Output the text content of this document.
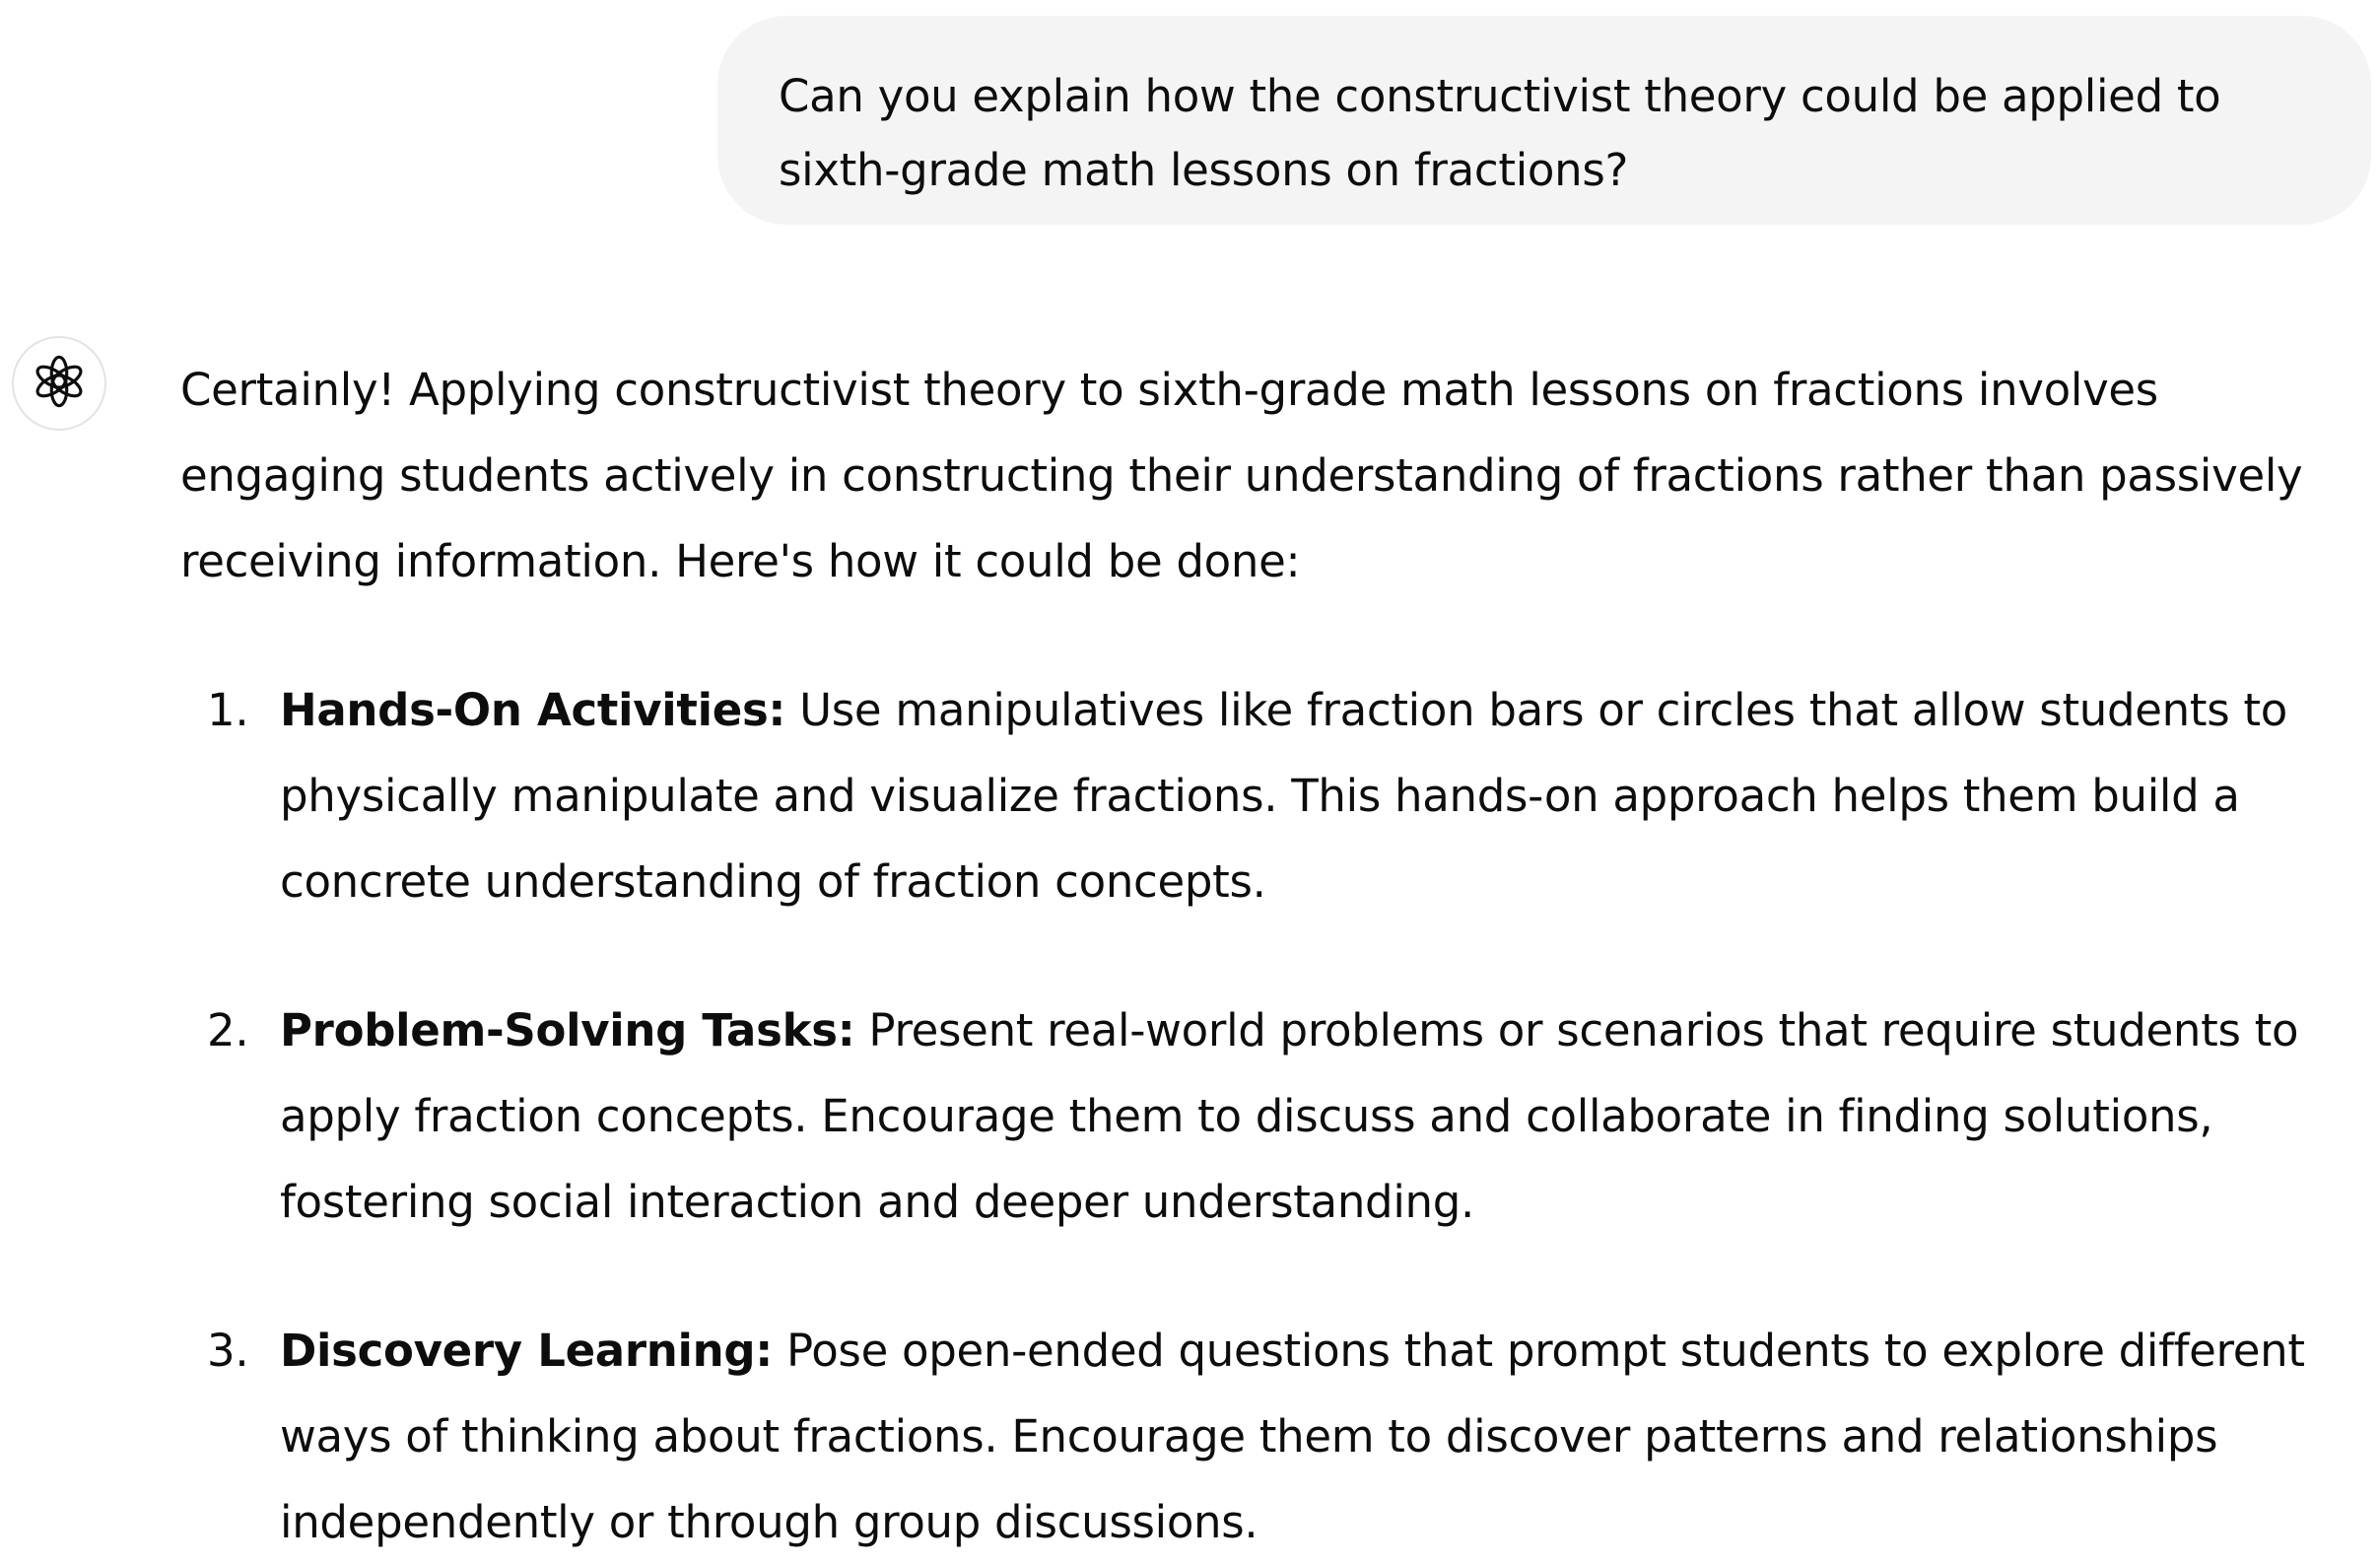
Can you explain how the constructivist theory could be applied to sixth-grade math lessons on fractions?
Certainly! Applying constructivist theory to sixth-grade math lessons on fractions involves engaging students actively in constructing their understanding of fractions rather than passively receiving information. Here's how it could be done:
1. Hands-On Activities: Use manipulatives like fraction bars or circles that allow students to physically manipulate and visualize fractions. This hands-on approach helps them build a concrete understanding of fraction concepts.
2. Problem-Solving Tasks: Present real-world problems or scenarios that require students to apply fraction concepts. Encourage them to discuss and collaborate in finding solutions, fostering social interaction and deeper understanding.
3. Discovery Learning: Pose open-ended questions that prompt students to explore different ways of thinking about fractions. Encourage them to discover patterns and relationships independently or through group discussions.
